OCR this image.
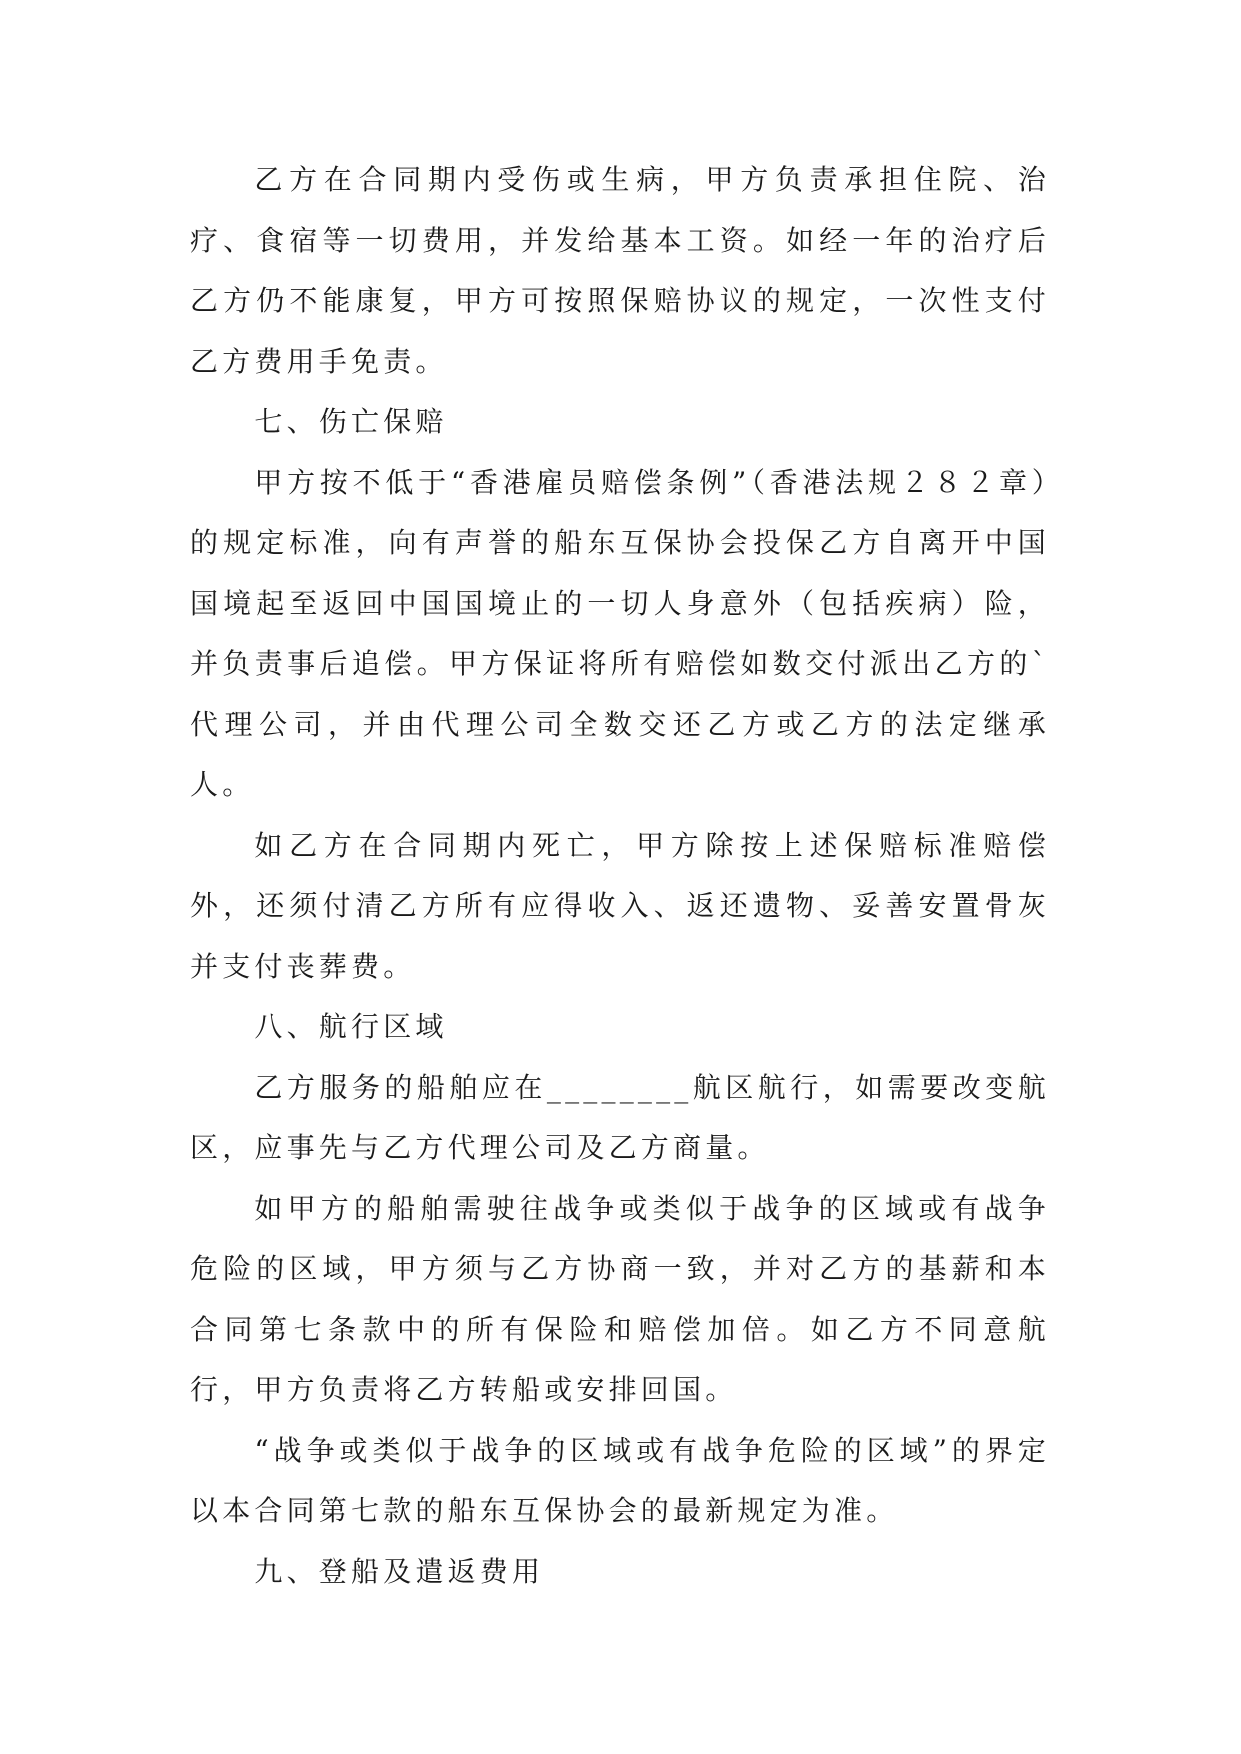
乙方在合同期内受伤或生病，甲方负责承担住院、治疗、食宿等一切费用，并发给基本工资。如经一年的治疗后乙方仍不能康复，甲方可按照保赔协议的规定，一次性支付乙方费用手免责。

七、伤亡保赔

甲方按不低于“香港雇员赔偿条例”（香港法规２８２章）的规定标准，向有声誉的船东互保协会投保乙方自离开中国国境起至返回中国国境止的一切人身意外（包括疾病）险，并负责事后追偿。甲方保证将所有赔偿如数交付派出乙方的`代理公司，并由代理公司全数交还乙方或乙方的法定继承人。

如乙方在合同期内死亡，甲方除按上述保赔标准赔偿外，还须付清乙方所有应得收入、返还遗物、妥善安置骨灰并支付丧葬费。

八、航行区域

乙方服务的船舶应在________航区航行，如需要改变航区，应事先与乙方代理公司及乙方商量。

如甲方的船舶需驶往战争或类似于战争的区域或有战争危险的区域，甲方须与乙方协商一致，并对乙方的基薪和本合同第七条款中的所有保险和赔偿加倍。如乙方不同意航行，甲方负责将乙方转船或安排回国。

“战争或类似于战争的区域或有战争危险的区域”的界定以本合同第七款的船东互保协会的最新规定为准。

九、登船及遣返费用
